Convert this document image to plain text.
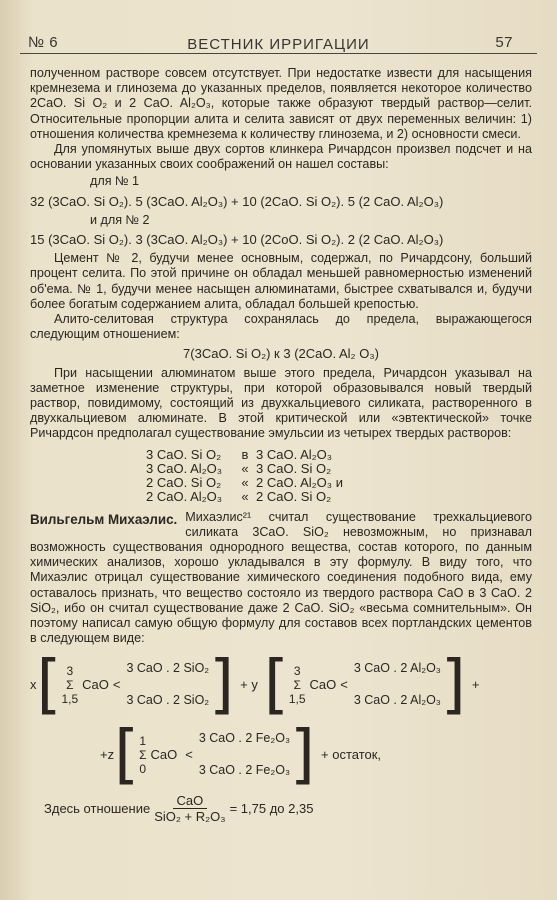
№ 6	ВЕСТНИК ИРРИГАЦИИ	57

полученном растворе совсем отсутствует. При недостатке извести для насыщения кремнезема и глинозема до указанных пределов, появляется некоторое количество 2CaO. Si O₂ и 2 CaO. Al₂O₃, которые также образуют твердый раствор—селит. Относительные пропорции алита и селита зависят от двух переменных величин: 1) отношения количества кремнезема к количеству глинозема, и 2) основности смеси.

Для упомянутых выше двух сортов клинкера Ричардсон произвел подсчет и на основании указанных своих соображений он нашел составы:

для № 1
32 (3CaO. Si O₂). 5 (3CaO. Al₂O₃) + 10 (2CaO. Si O₂). 5 (2 CaO. Al₂O₃)
и для № 2
15 (3CaO. Si O₂). 3 (3CaO. Al₂O₃) + 10 (2CoO. Si O₂). 2 (2 CaO. Al₂O₃)

Цемент № 2, будучи менее основным, содержал, по Ричардсону, больший процент селита. По этой причине он обладал меньшей равномерностью изменений об'ема. № 1, будучи менее насыщен алюминатами, быстрее схватывался и, будучи более богатым содержанием алита, обладал большей крепостью.

Алито-селитовая структура сохранялась до предела, выражающегося следующим отношением:

7(3CaO. Si O₂) к 3 (2CaO. Al₂ O₃)

При насыщении алюминатом выше этого предела, Ричардсон указывал на заметное изменение структуры, при которой образовывался новый твердый раствор, повидимому, состоящий из двухкальциевого силиката, растворенного в двухкальциевом алюминате. В этой критической или «эвтектической» точке Ричардсон предполагал существование эмульсии из четырех твердых растворов:

3 CaO. Si O₂ в 3 CaO. Al₂O₃
3 CaO. Al₂O₃ « 3 CaO. Si O₂
2 CaO. Si O₂ « 2 CaO. Al₂O₃ и
2 CaO. Al₂O₃ « 2 CaO. Si O₂

Вильгельм Михаэлис. Михаэлис²¹ считал существование трехкальциевого силиката 3CaO. SiO₂ невозможным, но признавал возможность существования однородного вещества, состав которого, по данным химических анализов, хорошо укладывался в эту формулу. В виду того, что Михаэлис отрицал существование химического соединения подобного вида, ему оставалось признать, что вещество состояло из твердого раствора CaO в 3 CaO. 2 SiO₂, ибо он считал существование даже 2 CaO. SiO₂ «весьма сомнительным». Он поэтому написал самую общую формулу для составов всех портландских цементов в следующем виде:

x [ 3
Σ
1,5
CaO <
3 CaO . 2 SiO₂
3 CaO . 2 SiO₂ ] + y [ 3
Σ
1,5
CaO <
3 CaO . 2 Al₂O₃
3 CaO . 2 Al₂O₃ ] +
+z [ 1
Σ
0
CaO <
3 CaO . 2 Fe₂O₃
3 CaO . 2 Fe₂O₃ ] + остаток,
Здесь отношение $\frac{\text{CaO}}{\text{SiO₂ + R₂O₃}} = 1,75$ до 2,35
